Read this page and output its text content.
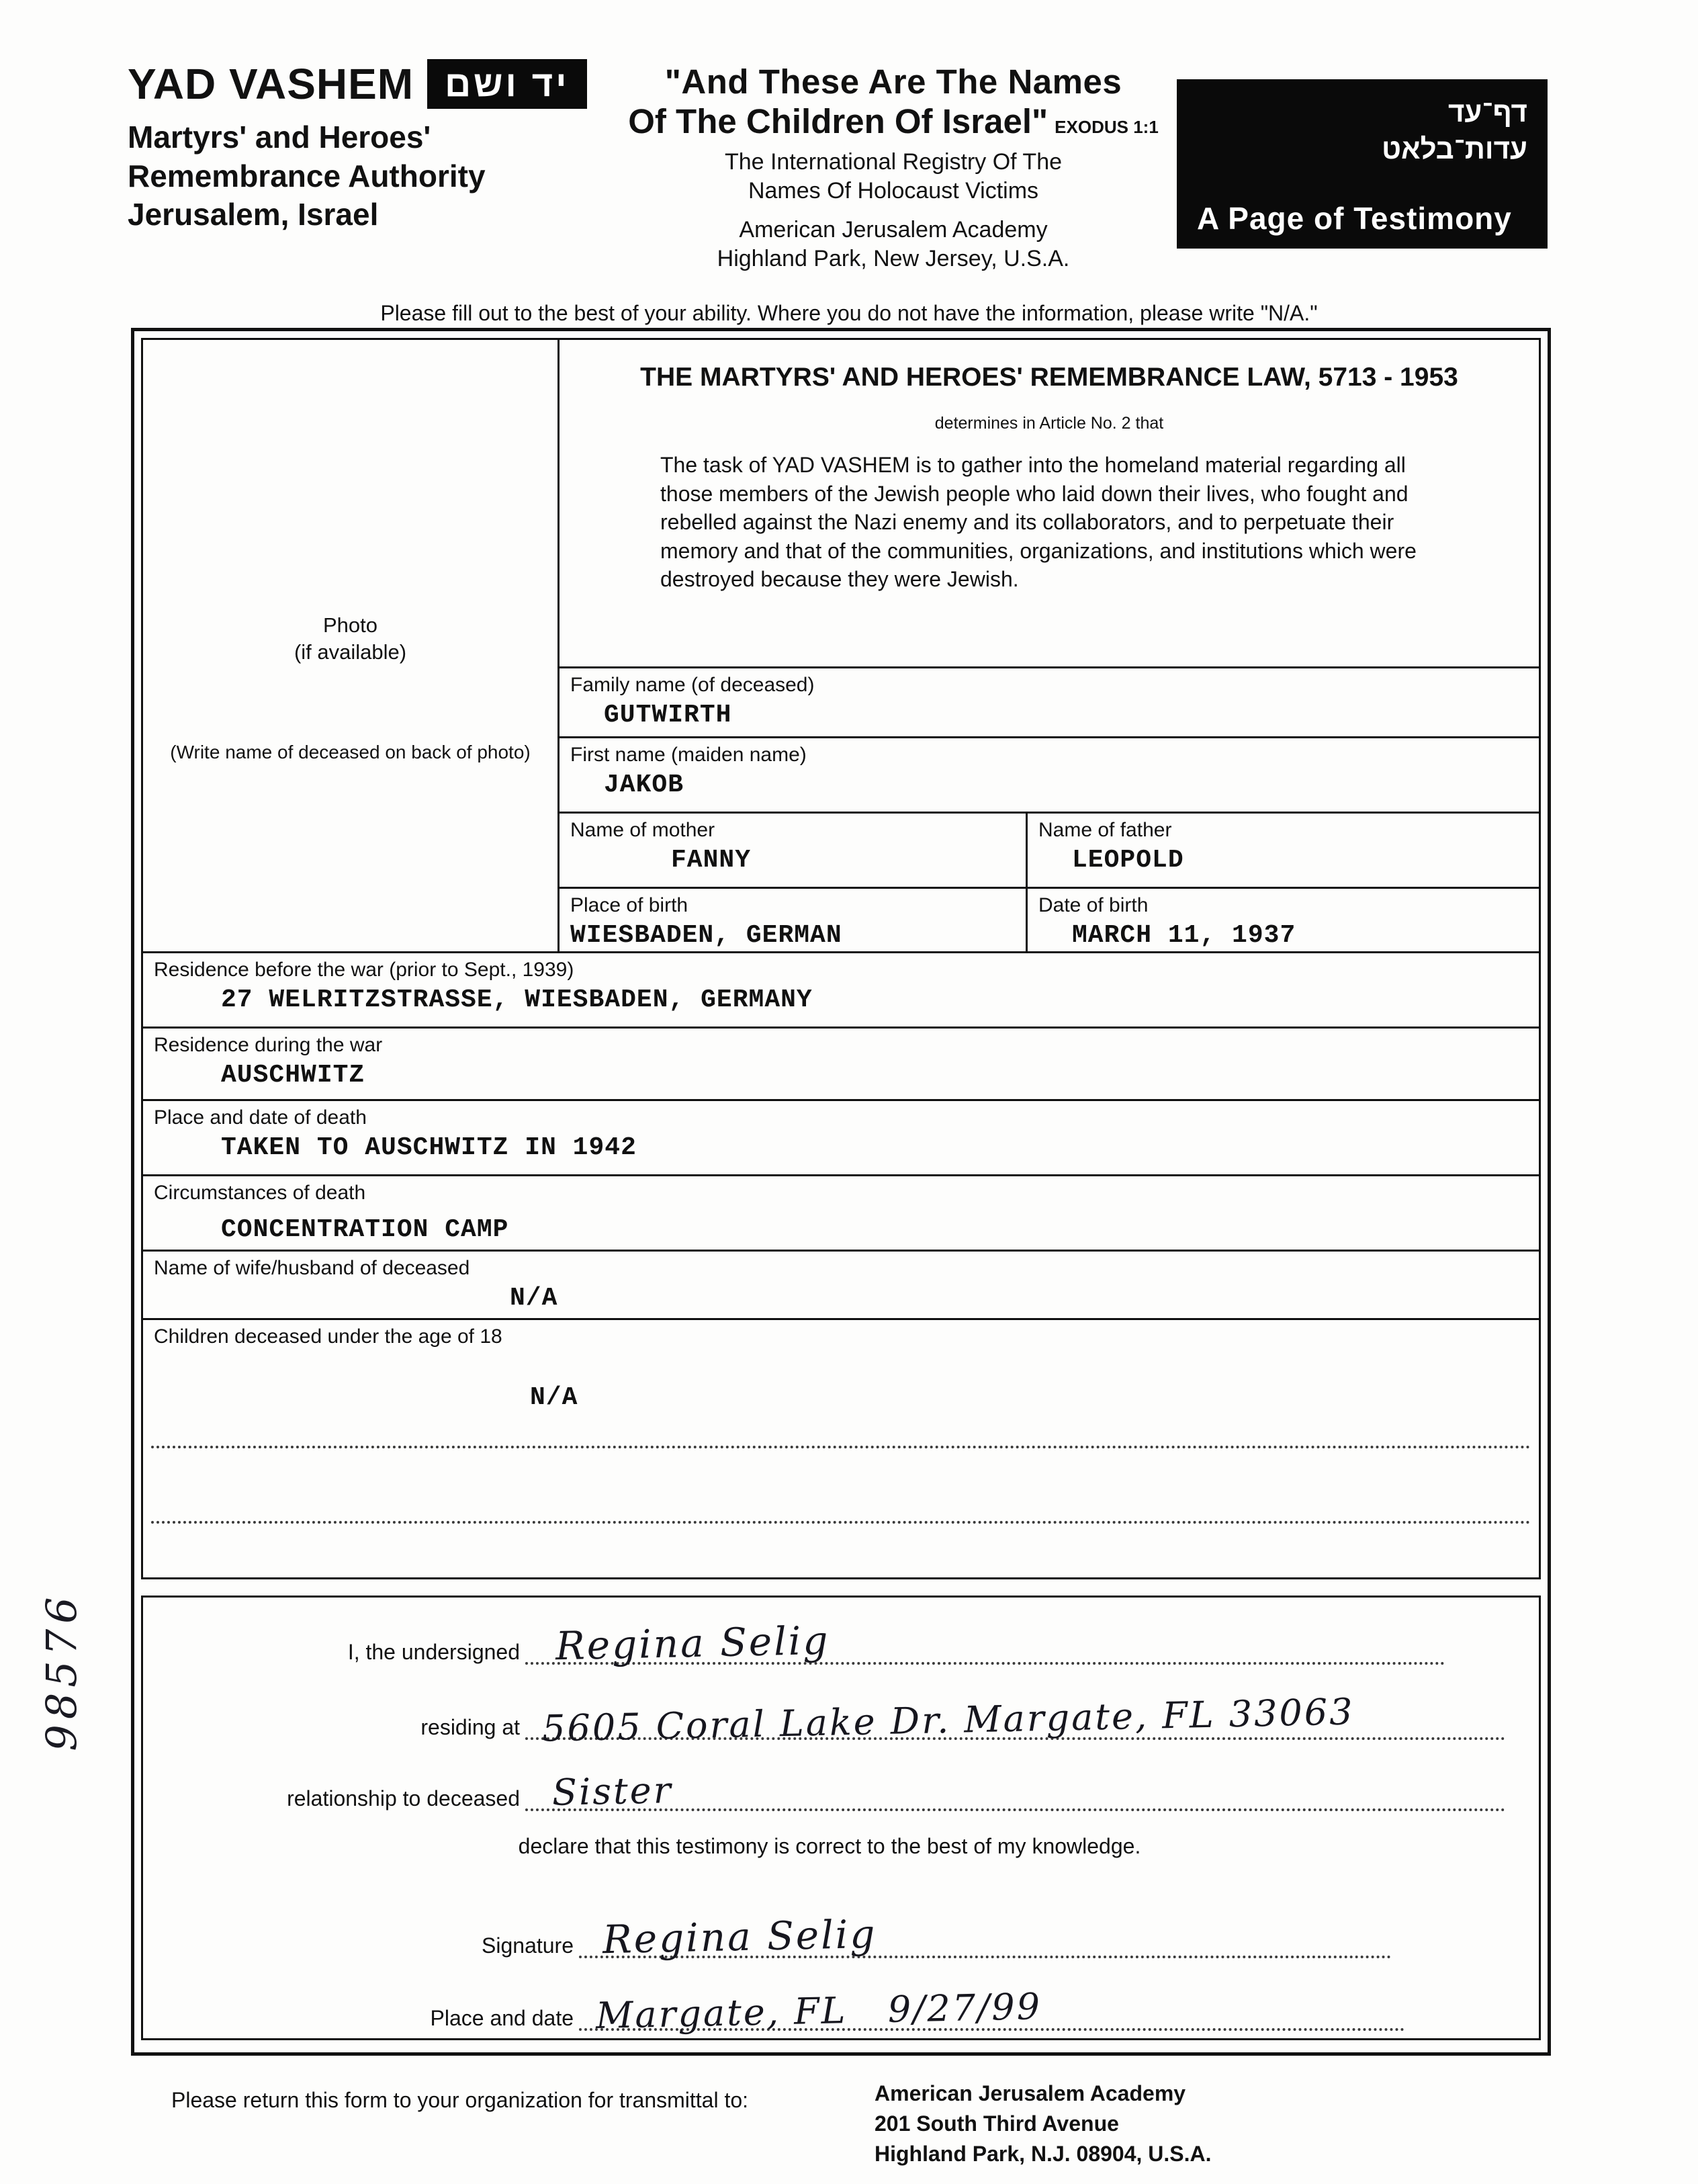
YAD VASHEM יד ושם
Martyrs' and Heroes'
Remembrance Authority
Jerusalem, Israel
"And These Are The Names
Of The Children Of Israel" EXODUS 1:1
The International Registry Of The
Names Of Holocaust Victims
American Jerusalem Academy
Highland Park, New Jersey, U.S.A.
דף־עד
עדות־בלאט
A Page of Testimony
Please fill out to the best of your ability. Where you do not have the information, please write "N/A."
Photo
(if available)
(Write name of deceased on back of photo)
THE MARTYRS' AND HEROES' REMEMBRANCE LAW, 5713 - 1953
determines in Article No. 2 that
The task of YAD VASHEM is to gather into the homeland material regarding all those members of the Jewish people who laid down their lives, who fought and rebelled against the Nazi enemy and its collaborators, and to perpetuate their memory and that of the communities, organizations, and institutions which were destroyed because they were Jewish.
Family name (of deceased)
GUTWIRTH
First name (maiden name)
JAKOB
Name of mother
FANNY
Name of father
LEOPOLD
Place of birth
WIESBADEN, GERMAN
Date of birth
MARCH 11, 1937
Residence before the war (prior to Sept., 1939)
27 WELRITZSTRASSE, WIESBADEN, GERMANY
Residence during the war
AUSCHWITZ
Place and date of death
TAKEN TO AUSCHWITZ IN 1942
Circumstances of death
CONCENTRATION CAMP
Name of wife/husband of deceased
N/A
Children deceased under the age of 18
N/A
I, the undersigned Regina Selig
residing at 5605 Coral Lake Dr. Margate, FL 33063
relationship to deceased Sister
declare that this testimony is correct to the best of my knowledge.
Signature Regina Selig
Place and date Margate, FL   9/27/99
98576
Please return this form to your organization for transmittal to:	American Jerusalem Academy
201 South Third Avenue
Highland Park, N.J. 08904, U.S.A.
